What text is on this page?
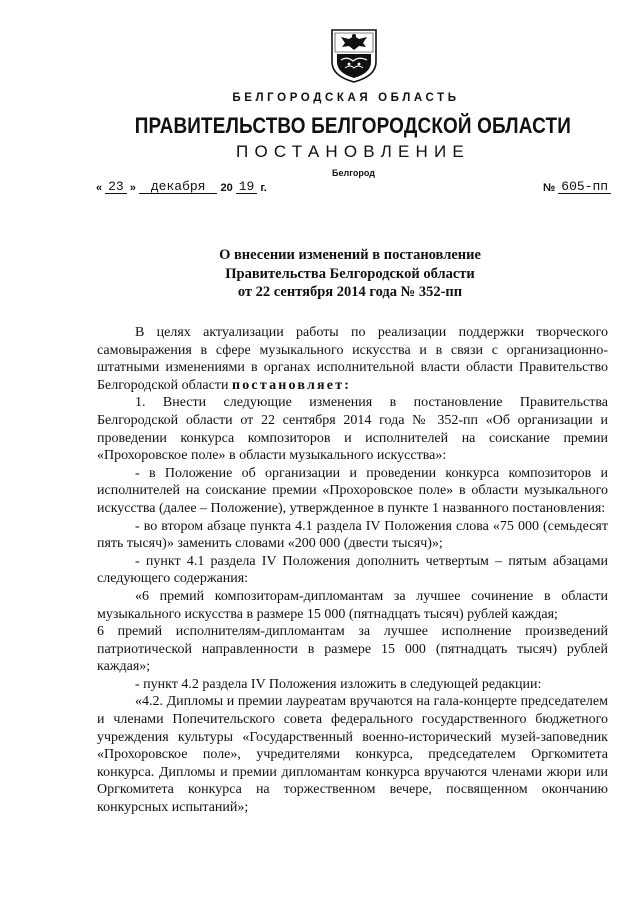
БЕЛГОРОДСКАЯ ОБЛАСТЬ
ПРАВИТЕЛЬСТВО БЕЛГОРОДСКОЙ ОБЛАСТИ
ПОСТАНОВЛЕНИЕ
Белгород
« 23 »	декабря	20 19 г.	№ 605-пп
О внесении изменений в постановление
Правительства Белгородской области
от 22 сентября 2014 года № 352-пп

В целях актуализации работы по реализации поддержки творческого самовыражения в сфере музыкального искусства и в связи с организационно-штатными изменениями в органах исполнительной власти области Правительство Белгородской области постановляет:

1. Внести следующие изменения в постановление Правительства Белгородской области от 22 сентября 2014 года № 352-пп «Об организации и проведении конкурса композиторов и исполнителей на соискание премии «Прохоровское поле» в области музыкального искусства»:

- в Положение об организации и проведении конкурса композиторов и исполнителей на соискание премии «Прохоровское поле» в области музыкального искусства (далее – Положение), утвержденное в пункте 1 названного постановления:

- во втором абзаце пункта 4.1 раздела IV Положения слова «75 000 (семьдесят пять тысяч)» заменить словами «200 000 (двести тысяч)»;

- пункт 4.1 раздела IV Положения дополнить четвертым – пятым абзацами следующего содержания:

«6 премий композиторам-дипломантам за лучшее сочинение в области музыкального искусства в размере 15 000 (пятнадцать тысяч) рублей каждая;

6 премий исполнителям-дипломантам за лучшее исполнение произведений патриотической направленности в размере 15 000 (пятнадцать тысяч) рублей каждая»;

- пункт 4.2 раздела IV Положения изложить в следующей редакции:

«4.2. Дипломы и премии лауреатам вручаются на гала-концерте председателем и членами Попечительского совета федерального государственного бюджетного учреждения культуры «Государственный военно-исторический музей-заповедник «Прохоровское поле», учредителями конкурса, председателем Оргкомитета конкурса. Дипломы и премии дипломантам конкурса вручаются членами жюри или Оргкомитета конкурса на торжественном вечере, посвященном окончанию конкурсных испытаний»;
